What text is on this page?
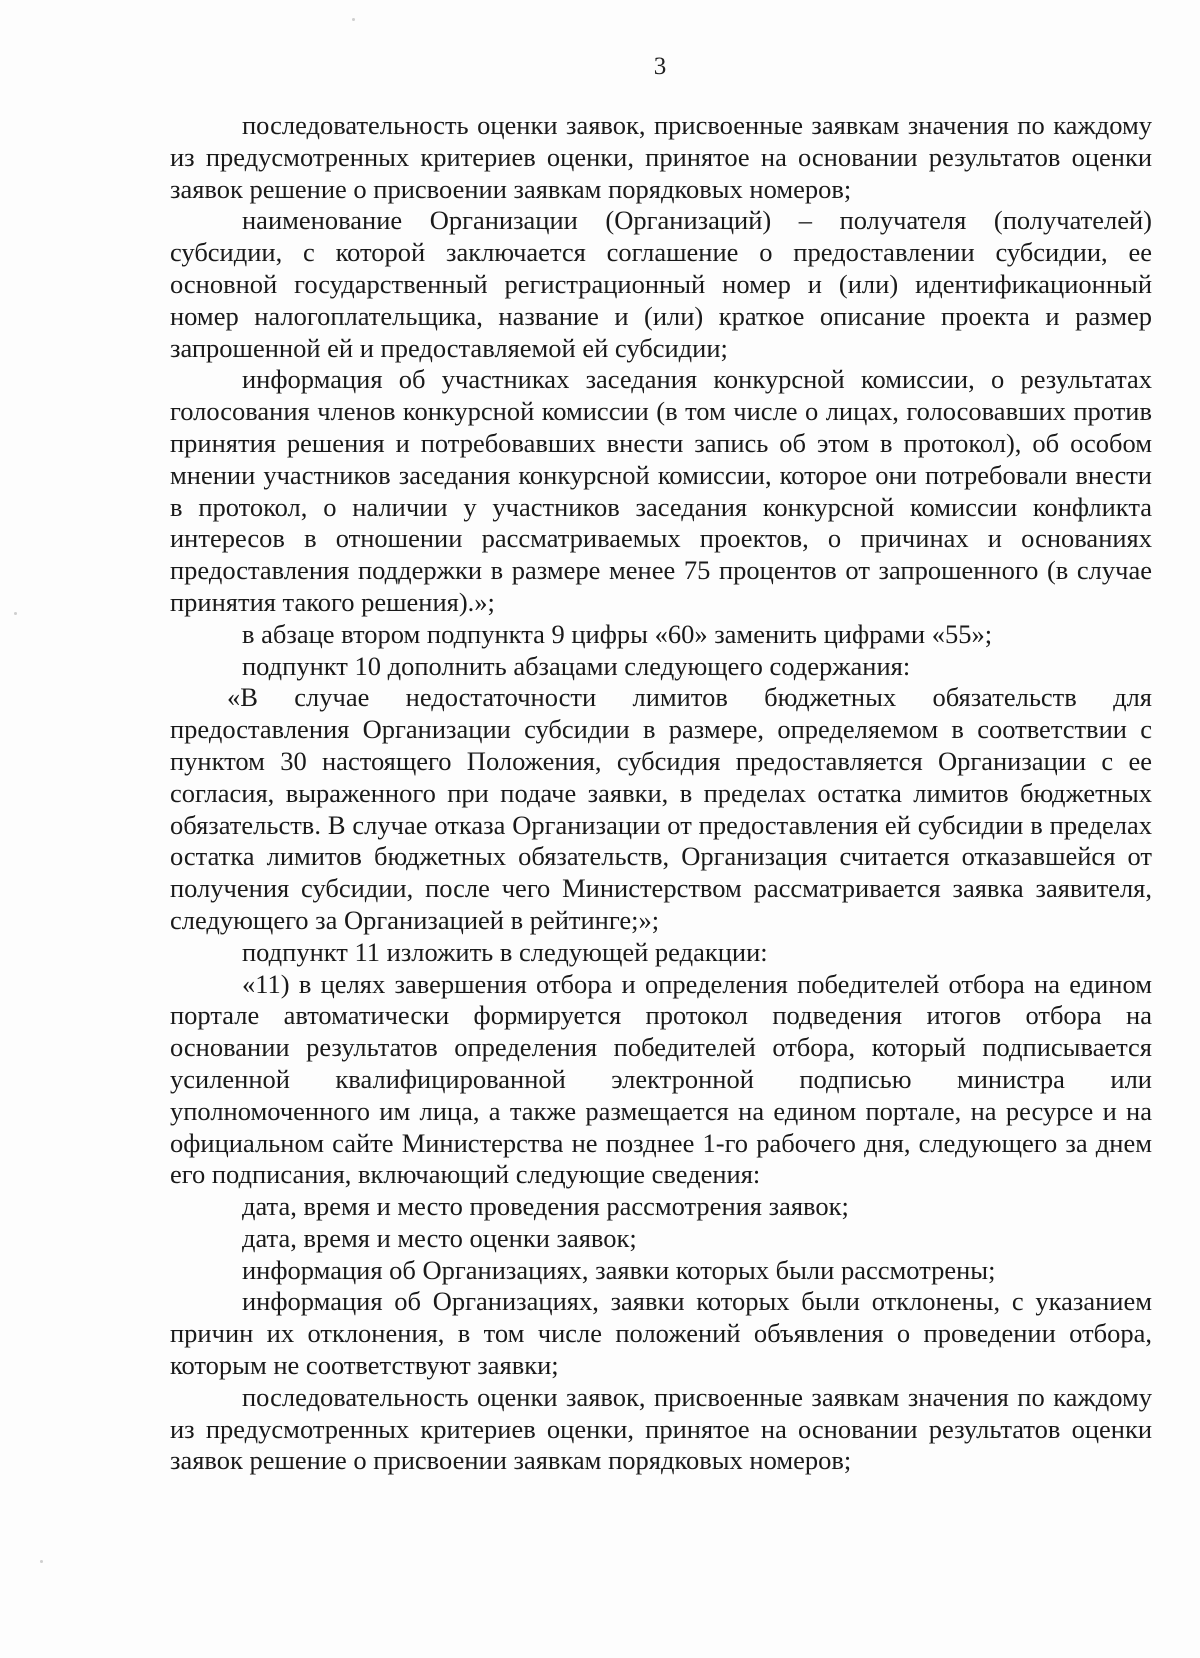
3

последовательность оценки заявок, присвоенные заявкам значения по каждому из предусмотренных критериев оценки, принятое на основании результатов оценки заявок решение о присвоении заявкам порядковых номеров;

наименование Организации (Организаций) – получателя (получателей) субсидии, с которой заключается соглашение о предоставлении субсидии, ее основной государственный регистрационный номер и (или) идентификационный номер налогоплательщика, название и (или) краткое описание проекта и размер запрошенной ей и предоставляемой ей субсидии;

информация об участниках заседания конкурсной комиссии, о результатах голосования членов конкурсной комиссии (в том числе о лицах, голосовавших против принятия решения и потребовавших внести запись об этом в протокол), об особом мнении участников заседания конкурсной комиссии, которое они потребовали внести в протокол, о наличии у участников заседания конкурсной комиссии конфликта интересов в отношении рассматриваемых проектов, о причинах и основаниях предоставления поддержки в размере менее 75 процентов от запрошенного (в случае принятия такого решения).»;

в абзаце втором подпункта 9 цифры «60» заменить цифрами «55»;

подпункт 10 дополнить абзацами следующего содержания:

«В случае недостаточности лимитов бюджетных обязательств для предоставления Организации субсидии в размере, определяемом в соответствии с пунктом 30 настоящего Положения, субсидия предоставляется Организации с ее согласия, выраженного при подаче заявки, в пределах остатка лимитов бюджетных обязательств. В случае отказа Организации от предоставления ей субсидии в пределах остатка лимитов бюджетных обязательств, Организация считается отказавшейся от получения субсидии, после чего Министерством рассматривается заявка заявителя, следующего за Организацией в рейтинге;»;

подпункт 11 изложить в следующей редакции:

«11) в целях завершения отбора и определения победителей отбора на едином портале автоматически формируется протокол подведения итогов отбора на основании результатов определения победителей отбора, который подписывается усиленной квалифицированной электронной подписью министра или уполномоченного им лица, а также размещается на едином портале, на ресурсе и на официальном сайте Министерства не позднее 1-го рабочего дня, следующего за днем его подписания, включающий следующие сведения:

дата, время и место проведения рассмотрения заявок;

дата, время и место оценки заявок;

информация об Организациях, заявки которых были рассмотрены;

информация об Организациях, заявки которых были отклонены, с указанием причин их отклонения, в том числе положений объявления о проведении отбора, которым не соответствуют заявки;

последовательность оценки заявок, присвоенные заявкам значения по каждому из предусмотренных критериев оценки, принятое на основании результатов оценки заявок решение о присвоении заявкам порядковых номеров;
